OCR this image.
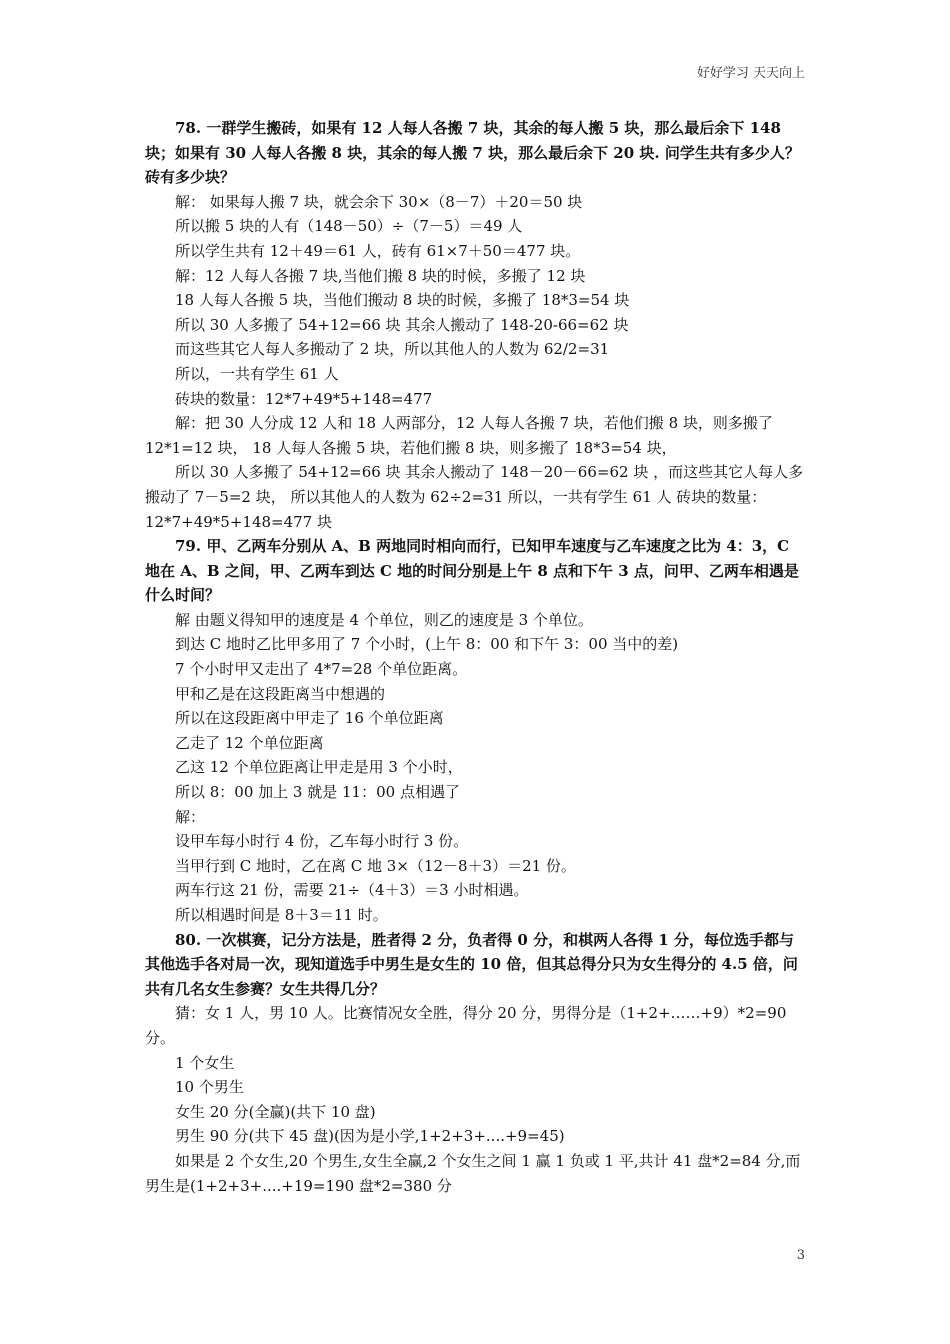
好好学习 天天向上

78. 一群学生搬砖，如果有 12 人每人各搬 7 块，其余的每人搬 5 块，那么最后余下 148 块；如果有 30 人每人各搬 8 块，其余的每人搬 7 块，那么最后余下 20 块. 问学生共有多少人？砖有多少块？

解： 如果每人搬 7 块，就会余下 30×（8－7）＋20＝50 块

所以搬 5 块的人有（148－50）÷（7－5）＝49 人

所以学生共有 12＋49＝61 人，砖有 61×7＋50＝477 块。

解：12 人每人各搬 7 块,当他们搬 8 块的时候，多搬了 12 块

18 人每人各搬 5 块，当他们搬动 8 块的时候，多搬了 18*3=54 块

所以 30 人多搬了 54+12=66 块 其余人搬动了 148-20-66=62 块

而这些其它人每人多搬动了 2 块，所以其他人的人数为 62/2=31

所以，一共有学生 61 人

砖块的数量：12*7+49*5+148=477

解：把 30 人分成 12 人和 18 人两部分，12 人每人各搬 7 块，若他们搬 8 块，则多搬了 12*1=12 块， 18 人每人各搬 5 块，若他们搬 8 块，则多搬了 18*3=54 块，

所以 30 人多搬了 54+12=66 块 其余人搬动了 148－20－66=62 块 ，而这些其它人每人多搬动了 7－5=2 块， 所以其他人的人数为 62÷2=31 所以，一共有学生 61 人 砖块的数量：12*7+49*5+148=477 块

79. 甲、乙两车分别从 A、B 两地同时相向而行，已知甲车速度与乙车速度之比为 4：3，C 地在 A、B 之间，甲、乙两车到达 C 地的时间分别是上午 8 点和下午 3 点，问甲、乙两车相遇是什么时间？

解 由题义得知甲的速度是 4 个单位，则乙的速度是 3 个单位。

到达 C 地时乙比甲多用了 7 个小时，(上午 8：00 和下午 3：00 当中的差)

7 个小时甲又走出了 4*7=28 个单位距离。

甲和乙是在这段距离当中想遇的

所以在这段距离中甲走了 16 个单位距离

乙走了 12 个单位距离

乙这 12 个单位距离让甲走是用 3 个小时，

所以 8：00 加上 3 就是 11：00 点相遇了

解：

设甲车每小时行 4 份，乙车每小时行 3 份。

当甲行到 C 地时，乙在离 C 地 3×（12－8＋3）＝21 份。

两车行这 21 份，需要 21÷（4＋3）＝3 小时相遇。

所以相遇时间是 8＋3＝11 时。

80. 一次棋赛，记分方法是，胜者得 2 分，负者得 0 分，和棋两人各得 1 分，每位选手都与其他选手各对局一次，现知道选手中男生是女生的 10 倍，但其总得分只为女生得分的 4.5 倍，问共有几名女生参赛？女生共得几分？

猜：女 1 人，男 10 人。比赛情况女全胜，得分 20 分，男得分是（1+2+……+9）*2=90 分。

1 个女生

10 个男生

女生 20 分(全赢)(共下 10 盘)

男生 90 分(共下 45 盘)(因为是小学,1+2+3+....+9=45)

如果是 2 个女生,20 个男生,女生全赢,2 个女生之间 1 赢 1 负或 1 平,共计 41 盘*2=84 分,而男生是(1+2+3+....+19=190 盘*2=380 分

3
